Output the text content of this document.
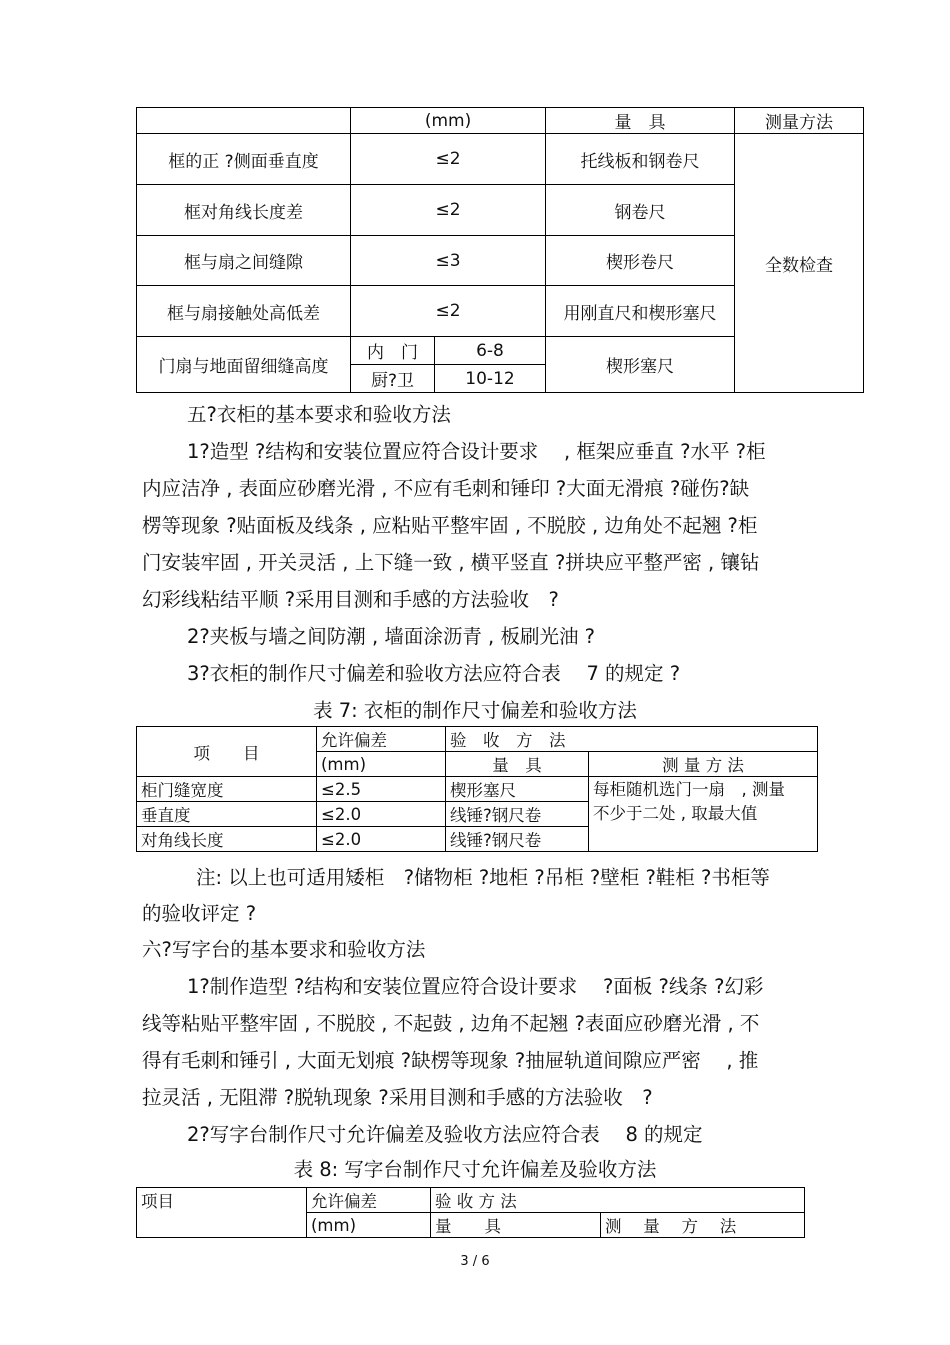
	(mm)		量　具	测量方法
框的正 ?侧面垂直度	≤2		托线板和钢卷尺	全数检查
框对角线长度差	≤2		钢卷尺	
框与扇之间缝隙	≤3		楔形卷尺	
框与扇接触处高低差	≤2		用刚直尺和楔形塞尺	
门扇与地面留细缝高度	内　门	6-8	楔形塞尺	
	厨?卫	10-12		

五?衣柜的基本要求和验收方法

1?造型 ?结构和安装位置应符合设计要求　 , 框架应垂直 ?水平 ?柜

内应洁净 , 表面应砂磨光滑 , 不应有毛刺和锤印 ?大面无滑痕 ?碰伤?缺

楞等现象 ?贴面板及线条 , 应粘贴平整牢固 , 不脱胶 , 边角处不起翘 ?柜

门安装牢固 , 开关灵活 , 上下缝一致 , 横平竖直 ?拼块应平整严密 , 镶钻

幻彩线粘结平顺 ?采用目测和手感的方法验收　?

2?夹板与墙之间防潮 , 墙面涂沥青 , 板刷光油 ?

3?衣柜的制作尺寸偏差和验收方法应符合表　 7 的规定 ?

表 7: 衣柜的制作尺寸偏差和验收方法
项　　目	允许偏差	验　收　方　法	
	(mm)	量　具	测 量 方 法
柜门缝宽度	≤2.5	楔形塞尺	每柜随机选门一扇　, 测量
不少于二处 , 取最大值

垂直度	≤2.0	线锤?钢尺卷	
对角线长度	≤2.0	线锤?钢尺卷	

注: 以上也可适用矮柜　?储物柜 ?地柜 ?吊柜 ?壁柜 ?鞋柜 ?书柜等

的验收评定 ?

六?写字台的基本要求和验收方法

1?制作造型 ?结构和安装位置应符合设计要求　 ?面板 ?线条 ?幻彩

线等粘贴平整牢固 , 不脱胶 , 不起鼓 , 边角不起翘 ?表面应砂磨光滑 , 不

得有毛刺和锤引 , 大面无划痕 ?缺楞等现象 ?抽屉轨道间隙应严密　 , 推

拉灵活 , 无阻滞 ?脱轨现象 ?采用目测和手感的方法验收　?

2?写字台制作尺寸允许偏差及验收方法应符合表　 8 的规定

表 8: 写字台制作尺寸允许偏差及验收方法
项目	允许偏差	验 收 方 法	
	(mm)	量　　具	测　 量　 方　 法
3 / 6
